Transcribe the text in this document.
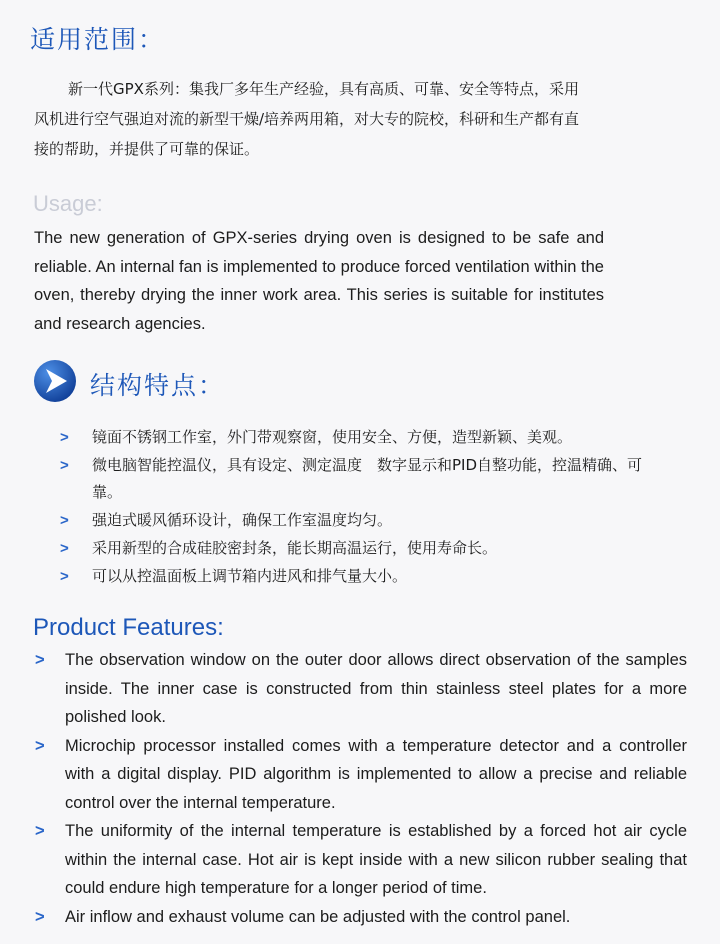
适用范围：
新一代GPX系列：集我厂多年生产经验，具有高质、可靠、安全等特点，采用风机进行空气强迫对流的新型干燥/培养两用箱，对大专的院校，科研和生产都有直接的帮助，并提供了可靠的保证。
Usage:
The new generation of GPX-series drying oven is designed to be safe and reliable. An internal fan is implemented to produce forced ventilation within the oven, thereby drying the inner work area. This series is suitable for institutes and research agencies.
结构特点：
>	镜面不锈钢工作室，外门带观察窗，使用安全、方便，造型新颖、美观。
>	微电脑智能控温仪，具有设定、测定温度　数字显示和PID自整功能，控温精确、可靠。
>	强迫式暖风循环设计，确保工作室温度均匀。
>	采用新型的合成硅胶密封条，能长期高温运行，使用寿命长。
>	可以从控温面板上调节箱内进风和排气量大小。
Product Features:
>	The observation window on the outer door allows direct observation of the samples inside. The inner case is constructed from thin stainless steel plates for a more polished look.
>	Microchip processor installed comes with a temperature detector and a controller with a digital display. PID algorithm is implemented to allow a precise and reliable control over the internal temperature.
>	The uniformity of the internal temperature is established by a forced hot air cycle within the internal case. Hot air is kept inside with a new silicon rubber sealing that could endure high temperature for a longer period of time.
>	Air inflow and exhaust volume can be adjusted with the control panel.
